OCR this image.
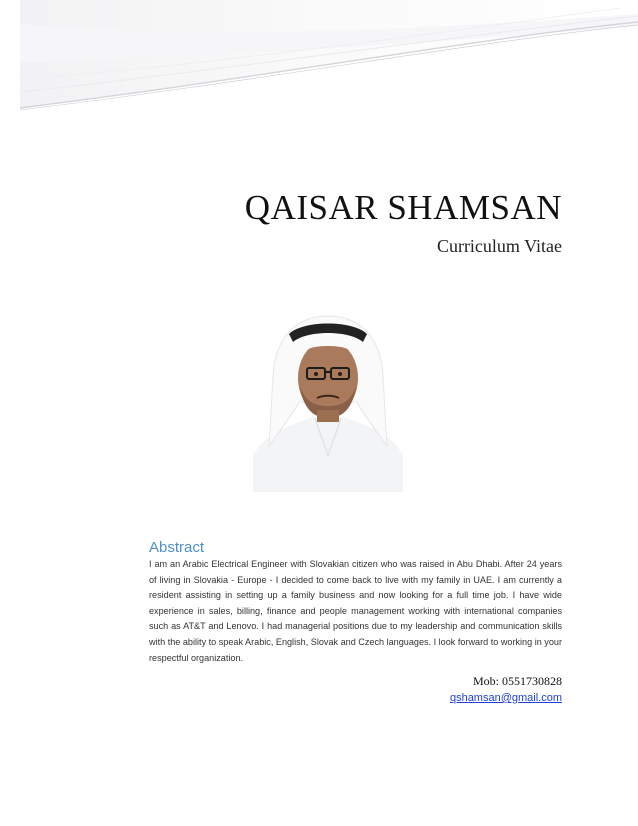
QAISAR SHAMSAN
Curriculum Vitae
Abstract
I am an Arabic Electrical Engineer with Slovakian citizen who was raised in Abu Dhabi. After 24 years of living in Slovakia - Europe - I decided to come back to live with my family in UAE. I am currently a resident assisting in setting up a family business and now looking for a full time job. I have wide experience in sales, billing, finance and people management working with international companies such as AT&T and Lenovo. I had managerial positions due to my leadership and communication skills with the ability to speak Arabic, English, Slovak and Czech languages. I look forward to working in your respectful organization.
Mob: 0551730828
qshamsan@gmail.com
